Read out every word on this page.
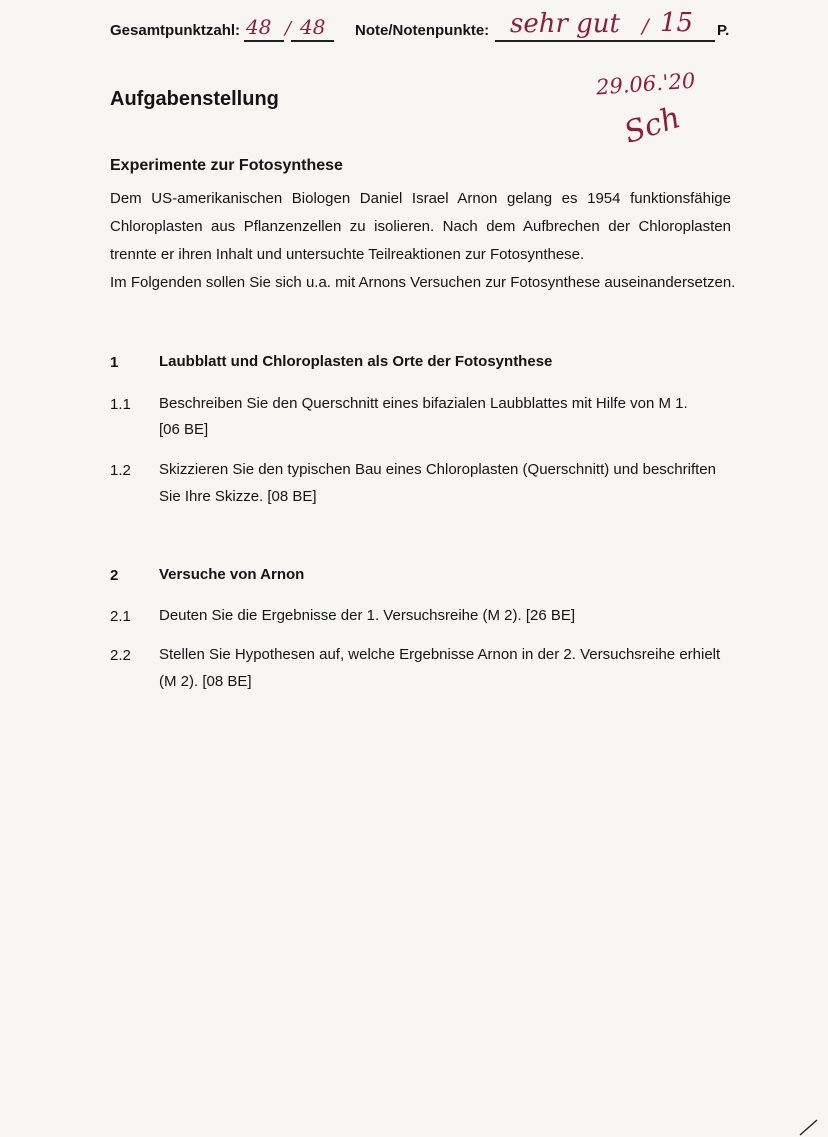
Gesamtpunktzahl: 48 / 48 Note/Notenpunkte: sehr gut / 15 P.
29.06.'20
Sch
Aufgabenstellung
Experimente zur Fotosynthese
Dem US-amerikanischen Biologen Daniel Israel Arnon gelang es 1954 funktionsfähige
Chloroplasten aus Pflanzenzellen zu isolieren. Nach dem Aufbrechen der Chloroplasten
trennte er ihren Inhalt und untersuchte Teilreaktionen zur Fotosynthese.
Im Folgenden sollen Sie sich u.a. mit Arnons Versuchen zur Fotosynthese auseinandersetzen.
1	Laubblatt und Chloroplasten als Orte der Fotosynthese
1.1 Beschreiben Sie den Querschnitt eines bifazialen Laubblattes mit Hilfe von M 1.
[06 BE]
1.2 Skizzieren Sie den typischen Bau eines Chloroplasten (Querschnitt) und beschriften
Sie Ihre Skizze. [08 BE]
2	Versuche von Arnon
2.1 Deuten Sie die Ergebnisse der 1. Versuchsreihe (M 2). [26 BE]
2.2 Stellen Sie Hypothesen auf, welche Ergebnisse Arnon in der 2. Versuchsreihe erhielt
(M 2). [08 BE]
